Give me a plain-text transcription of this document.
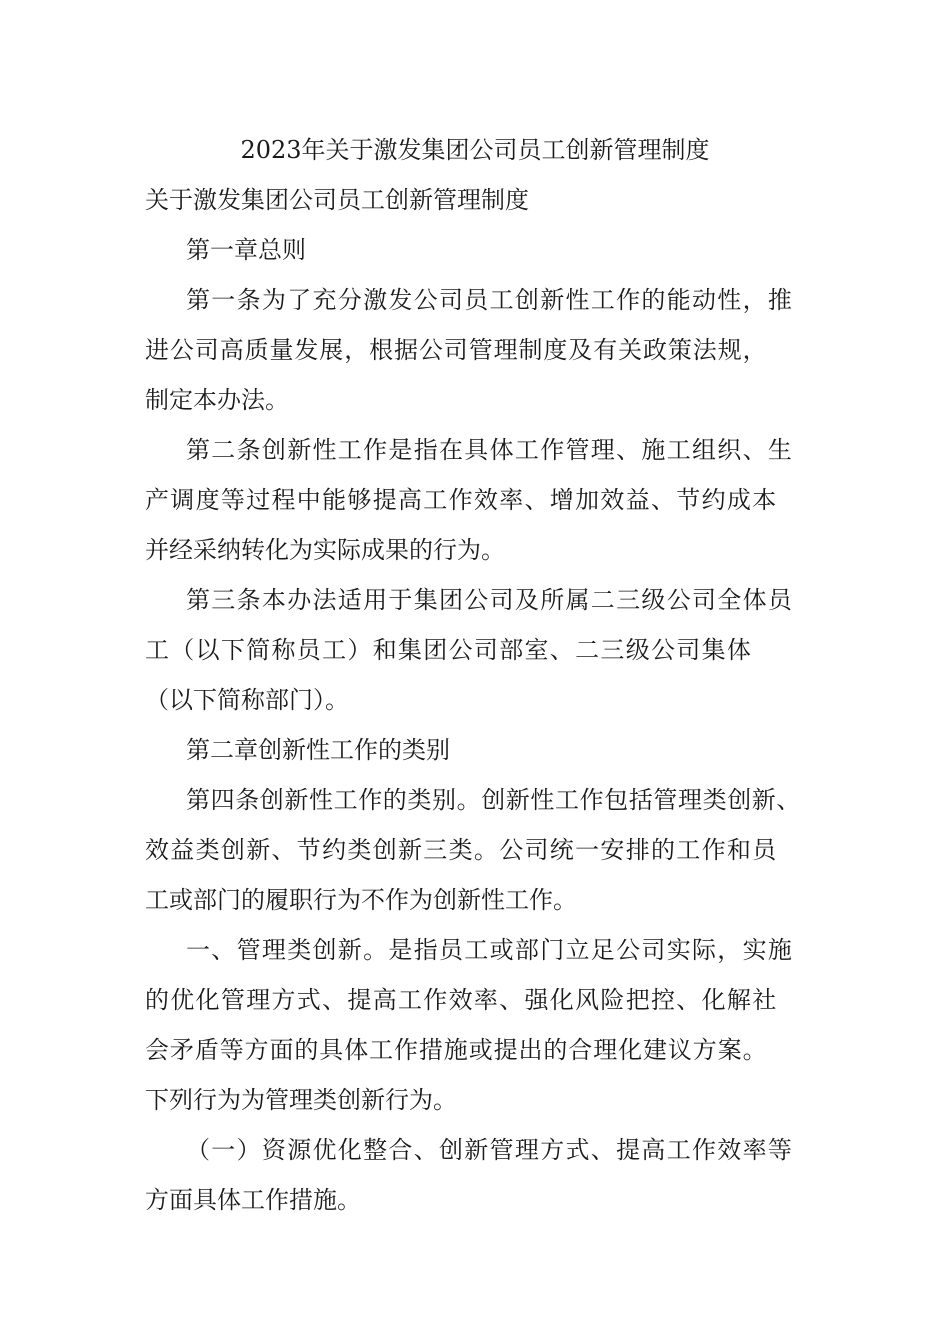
2023年关于激发集团公司员工创新管理制度
关于激发集团公司员工创新管理制度
第一章总则
第一条为了充分激发公司员工创新性工作的能动性，推
进公司高质量发展，根据公司管理制度及有关政策法规，
制定本办法。
第二条创新性工作是指在具体工作管理、施工组织、生
产调度等过程中能够提高工作效率、增加效益、节约成本
并经采纳转化为实际成果的行为。
第三条本办法适用于集团公司及所属二三级公司全体员
工（以下简称员工）和集团公司部室、二三级公司集体
（以下简称部门）。
第二章创新性工作的类别
第四条创新性工作的类别。创新性工作包括管理类创新、
效益类创新、节约类创新三类。公司统一安排的工作和员
工或部门的履职行为不作为创新性工作。
一、管理类创新。是指员工或部门立足公司实际，实施
的优化管理方式、提高工作效率、强化风险把控、化解社
会矛盾等方面的具体工作措施或提出的合理化建议方案。
下列行为为管理类创新行为。
（一）资源优化整合、创新管理方式、提高工作效率等
方面具体工作措施。
